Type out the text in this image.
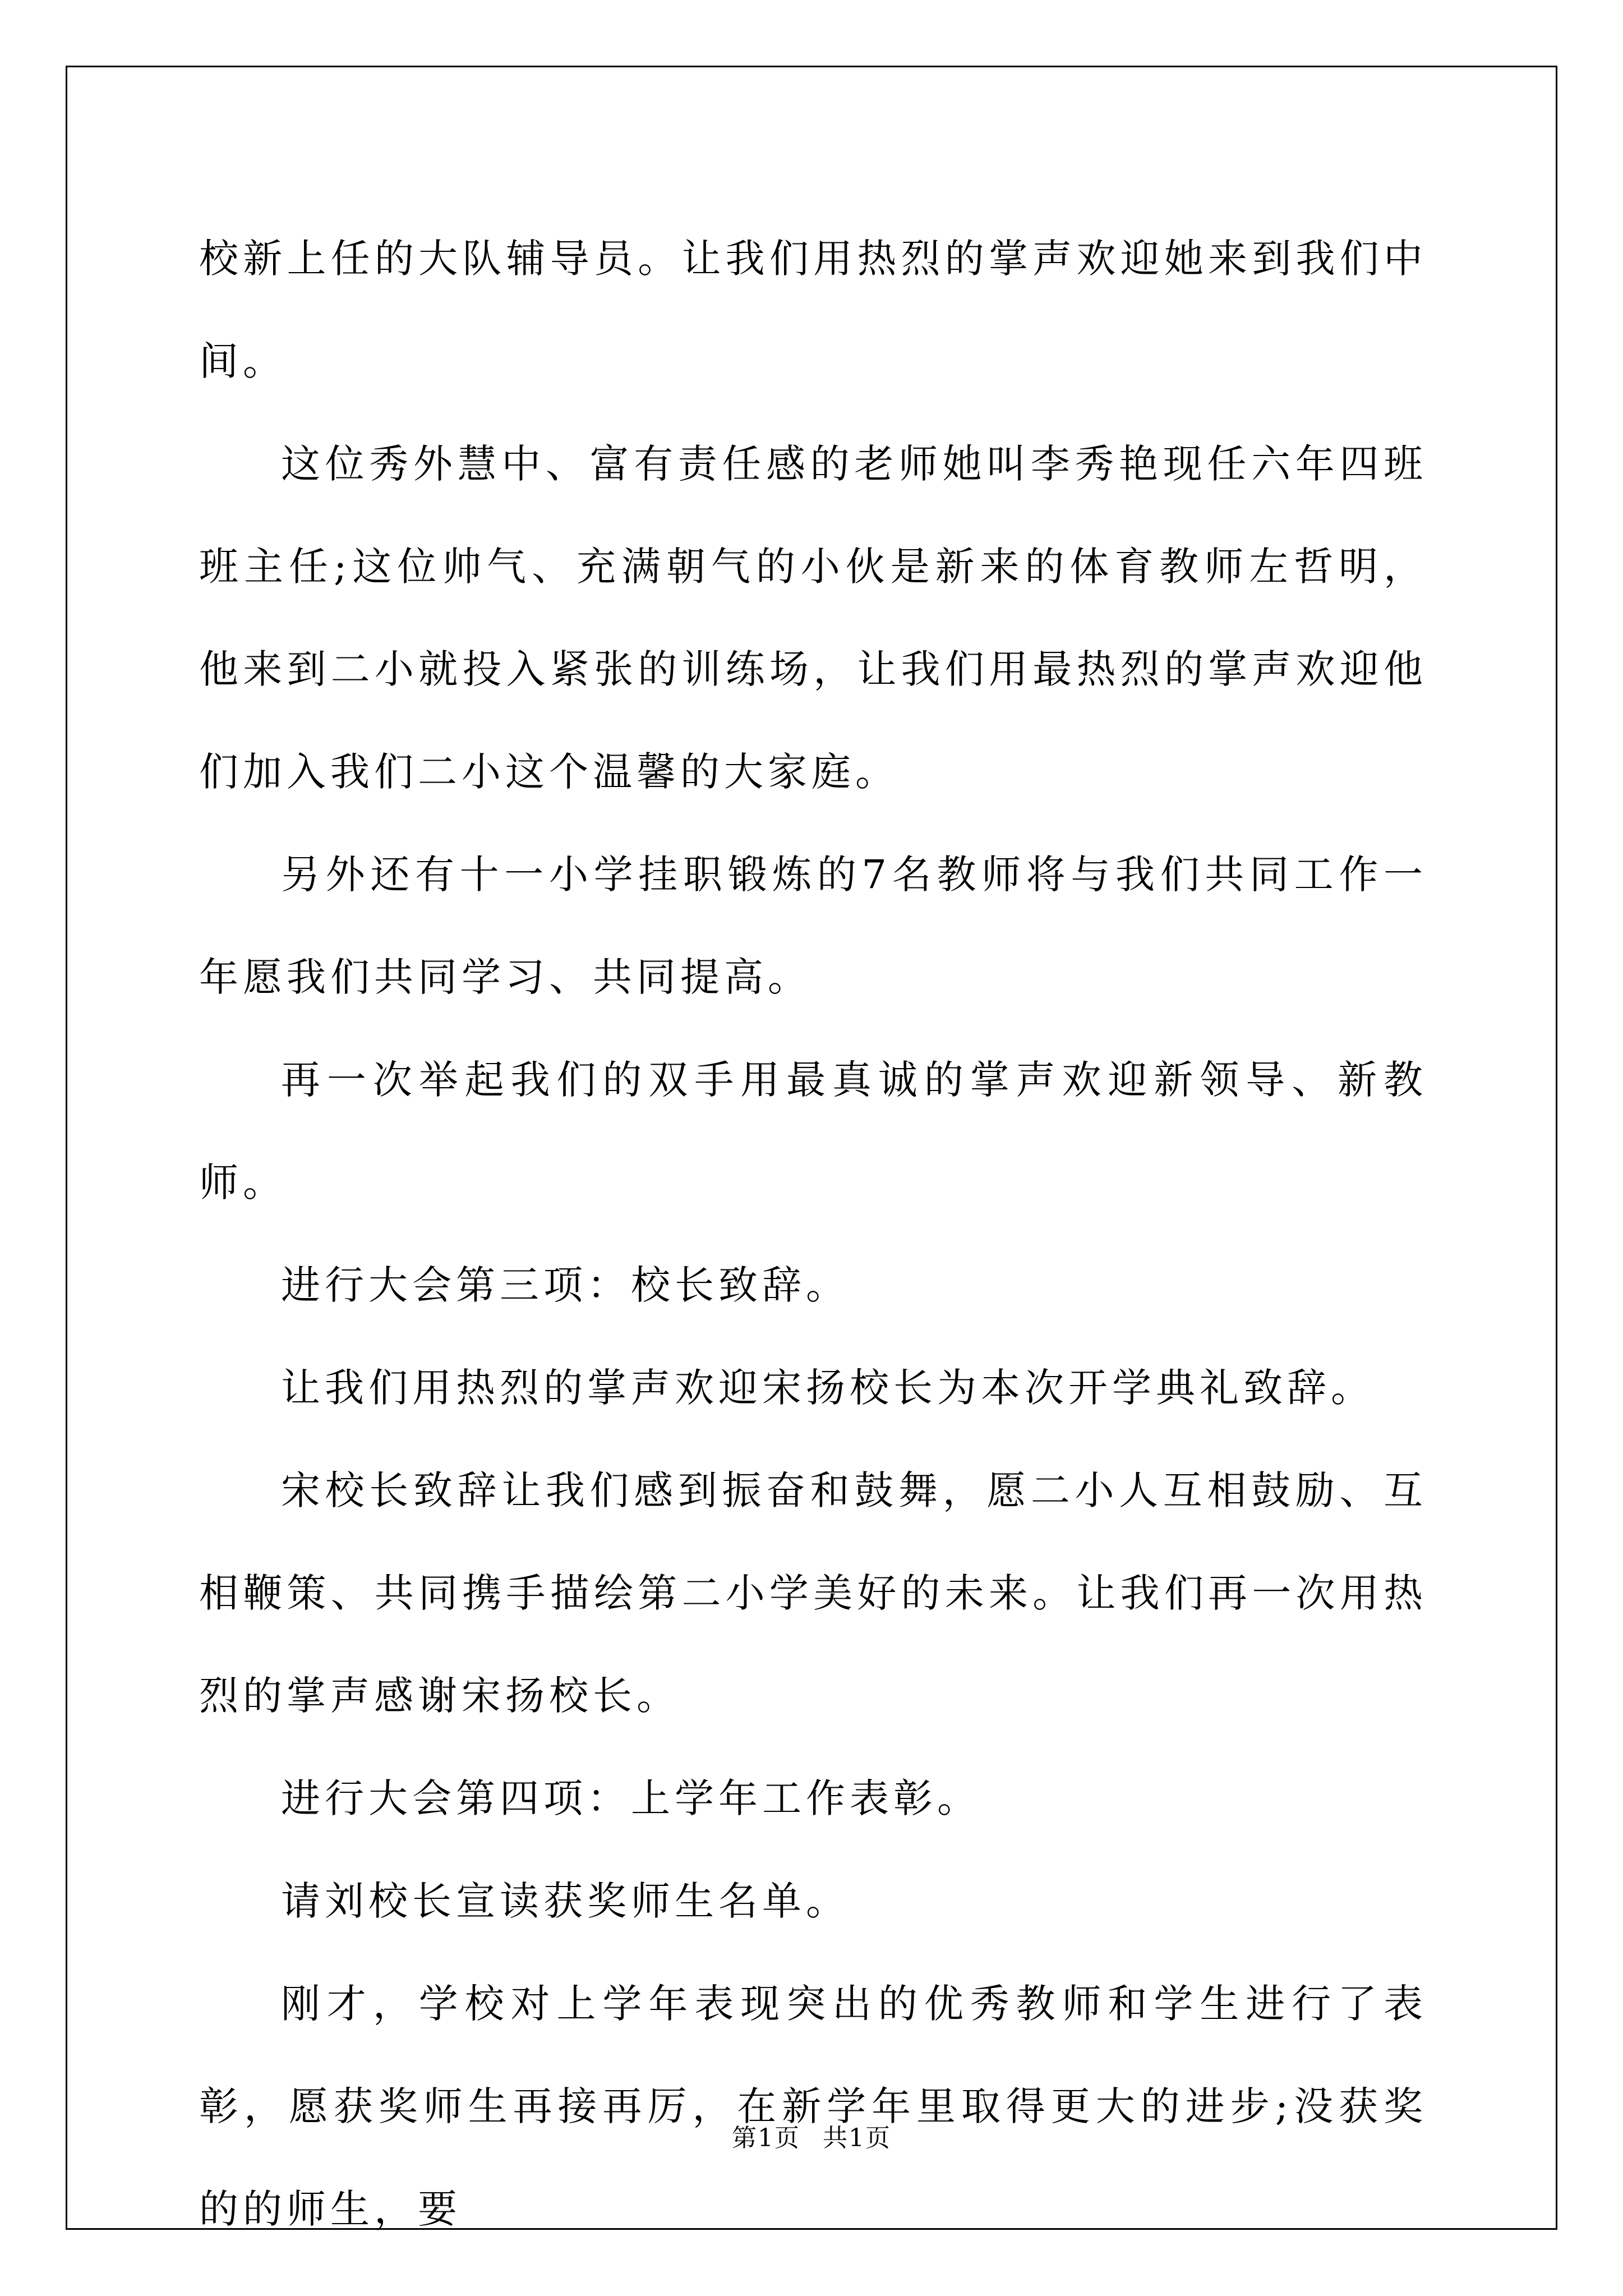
校新上任的大队辅导员。让我们用热烈的掌声欢迎她来到我们中间。

这位秀外慧中、富有责任感的老师她叫李秀艳现任六年四班班主任;这位帅气、充满朝气的小伙是新来的体育教师左哲明，他来到二小就投入紧张的训练场，让我们用最热烈的掌声欢迎他们加入我们二小这个温馨的大家庭。

另外还有十一小学挂职锻炼的7名教师将与我们共同工作一年愿我们共同学习、共同提高。

再一次举起我们的双手用最真诚的掌声欢迎新领导、新教师。

进行大会第三项：校长致辞。

让我们用热烈的掌声欢迎宋扬校长为本次开学典礼致辞。

宋校长致辞让我们感到振奋和鼓舞，愿二小人互相鼓励、互相鞭策、共同携手描绘第二小学美好的未来。让我们再一次用热烈的掌声感谢宋扬校长。

进行大会第四项：上学年工作表彰。

请刘校长宣读获奖师生名单。

刚才，学校对上学年表现突出的优秀教师和学生进行了表彰，愿获奖师生再接再厉，在新学年里取得更大的进步;没获奖的的师生，要

第1页 共1页
